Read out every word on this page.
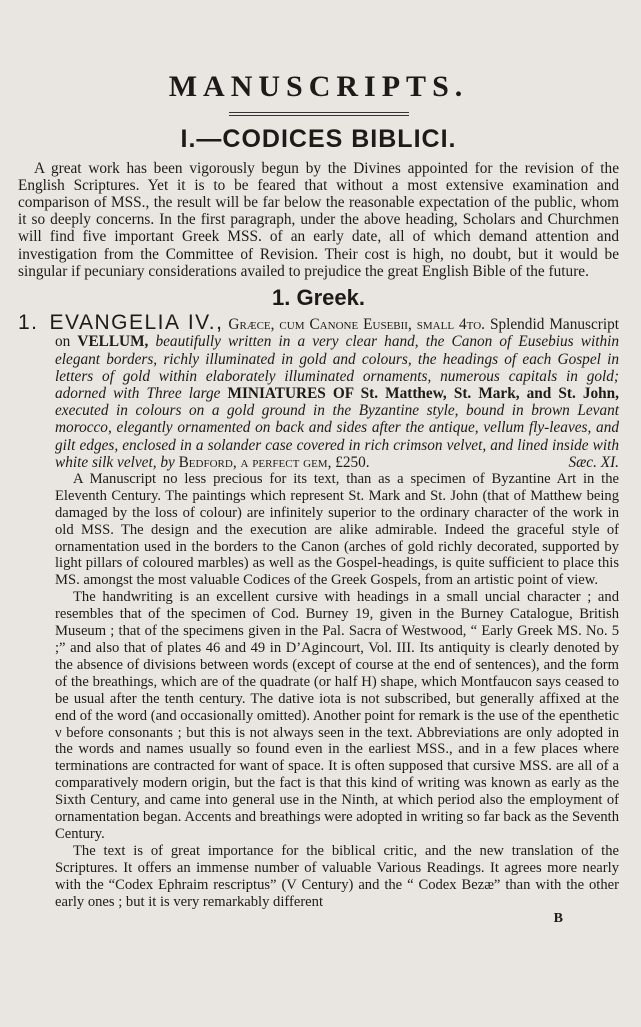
MANUSCRIPTS.
I.—CODICES BIBLICI.

A great work has been vigorously begun by the Divines appointed for the revision of the English Scriptures. Yet it is to be feared that without a most extensive examination and comparison of MSS., the result will be far below the reasonable expectation of the public, whom it so deeply concerns. In the first paragraph, under the above heading, Scholars and Churchmen will find five important Greek MSS. of an early date, all of which demand attention and investigation from the Committee of Revision. Their cost is high, no doubt, but it would be singular if pecuniary considerations availed to prejudice the great English Bible of the future.

1. Greek.

1. EVANGELIA IV., Græce, cum Canone Eusebii, small 4to. Splendid Manuscript on VELLUM, beautifully written in a very clear hand, the Canon of Eusebius within elegant borders, richly illuminated in gold and colours, the headings of each Gospel in letters of gold within elaborately illuminated ornaments, numerous capitals in gold; adorned with Three large MINIATURES OF St. Matthew, St. Mark, and St. John, executed in colours on a gold ground in the Byzantine style, bound in brown Levant morocco, elegantly ornamented on back and sides after the antique, vellum fly-leaves, and gilt edges, enclosed in a solander case covered in rich crimson velvet, and lined inside with white silk velvet, by Bedford, a perfect gem, £250.	Sæc. XI.

A Manuscript no less precious for its text, than as a specimen of Byzantine Art in the Eleventh Century. The paintings which represent St. Mark and St. John (that of Matthew being damaged by the loss of colour) are infinitely superior to the ordinary character of the work in old MSS. The design and the execution are alike admirable. Indeed the graceful style of ornamentation used in the borders to the Canon (arches of gold richly decorated, supported by light pillars of coloured marbles) as well as the Gospel-headings, is quite sufficient to place this MS. amongst the most valuable Codices of the Greek Gospels, from an artistic point of view.

The handwriting is an excellent cursive with headings in a small uncial character ; and resembles that of the specimen of Cod. Burney 19, given in the Burney Catalogue, British Museum ; that of the specimens given in the Pal. Sacra of Westwood, “ Early Greek MS. No. 5 ;” and also that of plates 46 and 49 in D’Agincourt, Vol. III. Its antiquity is clearly denoted by the absence of divisions between words (except of course at the end of sentences), and the form of the breathings, which are of the quadrate (or half H) shape, which Montfaucon says ceased to be usual after the tenth century. The dative iota is not subscribed, but generally affixed at the end of the word (and occasionally omitted). Another point for remark is the use of the epenthetic ν before consonants ; but this is not always seen in the text. Abbreviations are only adopted in the words and names usually so found even in the earliest MSS., and in a few places where terminations are contracted for want of space. It is often supposed that cursive MSS. are all of a comparatively modern origin, but the fact is that this kind of writing was known as early as the Sixth Century, and came into general use in the Ninth, at which period also the employment of ornamentation began. Accents and breathings were adopted in writing so far back as the Seventh Century.

The text is of great importance for the biblical critic, and the new translation of the Scriptures. It offers an immense number of valuable Various Readings. It agrees more nearly with the “Codex Ephraim rescriptus” (V Century) and the “ Codex Bezæ” than with the other early ones ; but it is very remarkably different

B
